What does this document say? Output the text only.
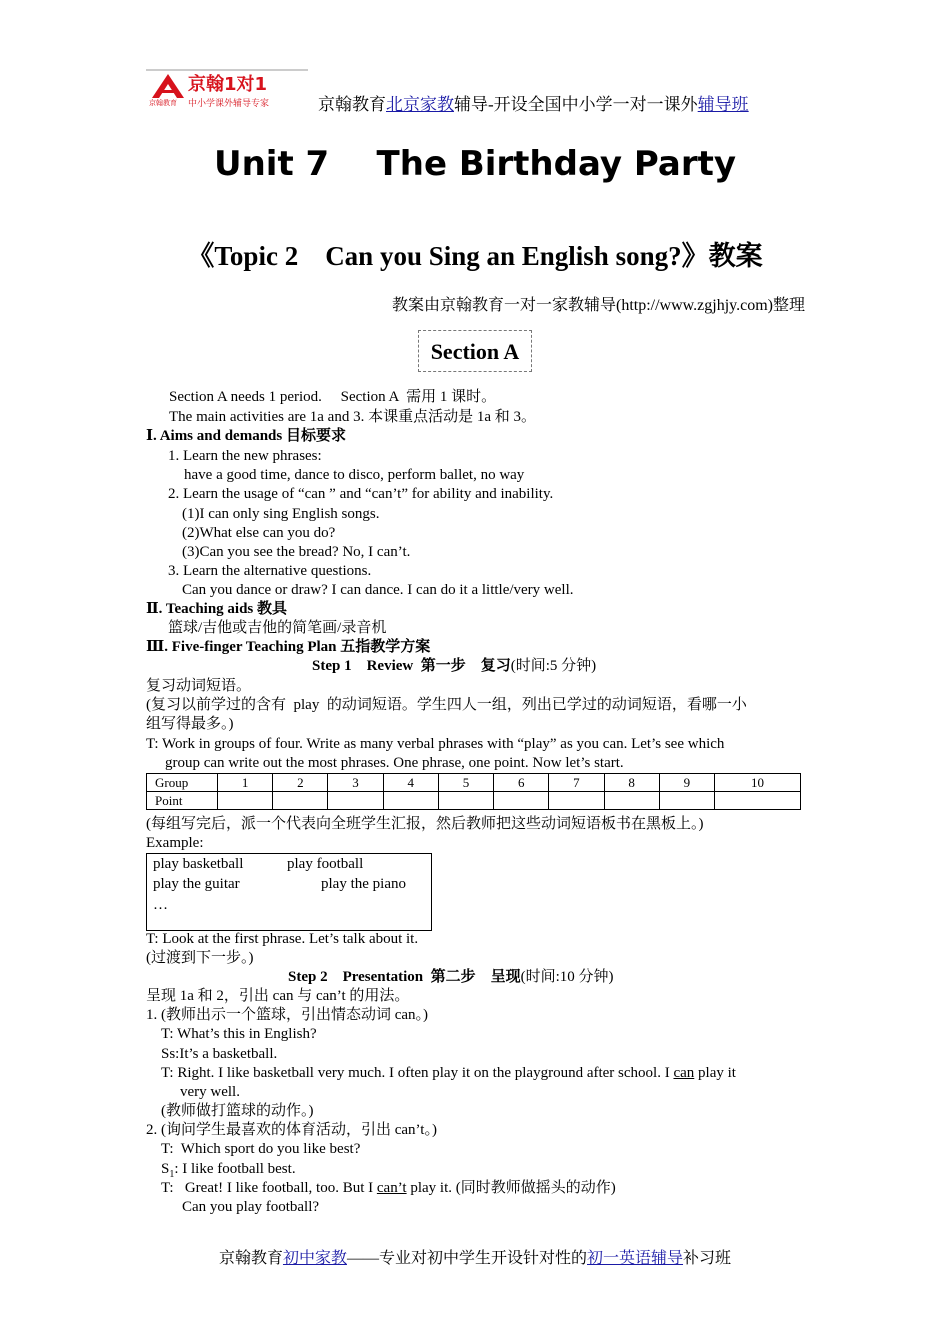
京翰1对1
京翰教育 中小学课外辅导专家	京翰教育北京家教辅导-开设全国中小学一对一课外辅导班
Unit 7    The Birthday Party
《Topic 2    Can you Sing an English song?》教案
教案由京翰教育一对一家教辅导(http://www.zgjhjy.com)整理
Section A
Section A needs 1 period.     Section A  需用 1 课时。
The main activities are 1a and 3. 本课重点活动是 1a 和 3。
Ⅰ. Aims and demands 目标要求
1. Learn the new phrases:
have a good time, dance to disco, perform ballet, no way
2. Learn the usage of “can ” and “can’t” for ability and inability.
(1)I can only sing English songs.
(2)What else can you do?
(3)Can you see the bread? No, I can’t.
3. Learn the alternative questions.
Can you dance or draw? I can dance. I can do it a little/very well.
Ⅱ. Teaching aids 教具
篮球/吉他或吉他的简笔画/录音机
Ⅲ. Five-finger Teaching Plan 五指教学方案
Step 1    Review  第一步    复习(时间:5 分钟)
复习动词短语。
(复习以前学过的含有  play  的动词短语。学生四人一组，列出已学过的动词短语，看哪一小
组写得最多。)
T: Work in groups of four. Write as many verbal phrases with “play” as you can. Let’s see which
group can write out the most phrases. One phrase, one point. Now let’s start.
Group	1	2	3	4	5	6	7	8	9	10
Point										
(每组写完后，派一个代表向全班学生汇报，然后教师把这些动词短语板书在黑板上。)
Example:
play basketball	play football
play the guitar	play the piano
…
T: Look at the first phrase. Let’s talk about it.
(过渡到下一步。)
Step 2    Presentation  第二步    呈现(时间:10 分钟)
呈现 1a 和 2，引出 can 与 can’t 的用法。
1. (教师出示一个篮球，引出情态动词 can。)
T: What’s this in English?
Ss:It’s a basketball.
T: Right. I like basketball very much. I often play it on the playground after school. I can play it
very well.
(教师做打篮球的动作。)
2. (询问学生最喜欢的体育活动，引出 can’t。)
T:  Which sport do you like best?
$S_1$: I like football best.
T:   Great! I like football, too. But I can’t play it. (同时教师做摇头的动作)
Can you play football?
京翰教育初中家教——专业对初中学生开设针对性的初一英语辅导补习班
